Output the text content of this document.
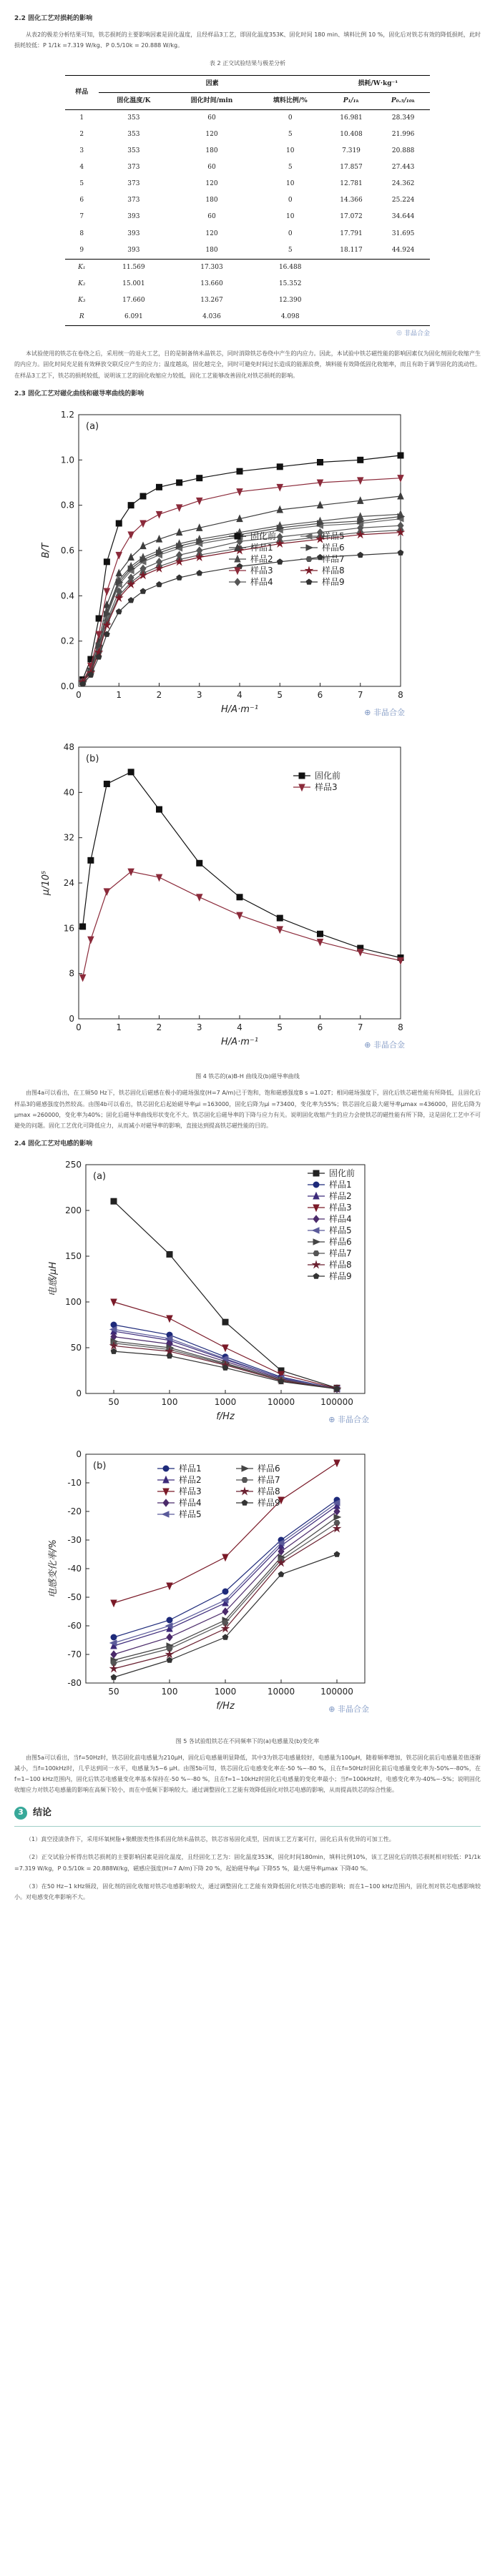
2.2 固化工艺对损耗的影响

从表2的极差分析结果可知，铁芯损耗的主要影响因素是固化温度，且经样品3工艺，即固化温度353K、固化时间 180 min、填料比例 10 %，固化后对铁芯有效的降低损耗，此时损耗较低：P 1/1k =7.319 W/kg、P 0.5/10k = 20.888 W/kg。

表 2 正交试验结果与极差分析
样品	因素			损耗/W·kg⁻¹	
	固化温度/K	固化时间/min	填料比例/%	P₁/₁ₖ	P₀.₅/₁₀ₖ
1	353	60	0	16.981	28.349
2	353	120	5	10.408	21.996
3	353	180	10	7.319	20.888
4	373	60	5	17.857	27.443
5	373	120	10	12.781	24.362
6	373	180	0	14.366	25.224
7	393	60	10	17.072	34.644
8	393	120	0	17.791	31.695
9	393	180	5	18.117	44.924
K₁	11.569	17.303	16.488		
K₂	15.001	13.660	15.352		
K₃	17.660	13.267	12.390		
R	6.091	4.036	4.098		
⊕ 非晶合金

本试验使用的铁芯在卷绕之后，采用统一的退火工艺，目的是制备纳米晶铁芯，同时消除铁芯卷绕中产生的内应力。因此，本试验中铁芯磁性能的影响因素仅为固化剂固化收缩产生的内应力。固化时间充足能有效释放交联反应产生的应力；温度越高，固化越完全，同时可避免时间过长造成的能源浪费，填料能有效降低固化收缩率，而且有助于调节固化的流动性。在样品3工艺下，铁芯的损耗较低，说明该工艺的固化收缩应力较低，固化工艺能够改善固化对铁芯损耗的影响。

2.3 固化工艺对磁化曲线和磁导率曲线的影响
0	1	2	3	4	5	6	7	8
0.0
0.2
0.4
0.6
0.8
1.0
1.2
H/A·m⁻¹
B/T
(a)
固化前
样品1
样品2
样品3
样品4
样品5
样品6
样品7
样品8
样品9
⊕ 非晶合金
0	1	2	3	4	5	6	7	8
0
8
16
24
32
40
48
H/A·m⁻¹
μ/10⁵
(b)
固化前
样品3
⊕ 非晶合金
图 4 铁芯的(a)B-H 曲线及(b)磁导率曲线

由图4a可以看出，在工频50 Hz下，铁芯固化后磁感在极小的磁场强度(H=7 A/m)已于饱和，饱和磁感强度B s =1.02T；相同磁场强度下，固化后铁芯磁性能有所降低，且固化后样品3的磁感强度仍然较高。由图4b可以看出，铁芯固化后起始磁导率μi =163000，固化后降为μi =73400，变化率为55%；铁芯固化后最大磁导率μmax =436000，固化后降为μmax =260000，变化率为40%；固化后磁导率曲线形状变化不大。铁芯固化后磁导率的下降与应力有关。说明固化收缩产生的应力会使铁芯的磁性能有所下降，这是固化工艺中不可避免的问题。固化工艺优化可降低应力，从而减小对磁导率的影响，直接达到提高铁芯磁性能的目的。

2.4 固化工艺对电感的影响
50	100	1000	10000	100000
0
50
100
150
200
250
f/Hz
电感/μH
(a)	固化前
样品1
样品2
样品3
样品4
样品5
样品6
样品7
样品8
样品9
⊕ 非晶合金
50	100	1000	10000	100000
-80
-70
-60
-50
-40
-30
-20
-10
0
f/Hz
电感变化率/%
(b)	样品1
样品2
样品3
样品4
样品5
样品6
样品7
样品8
样品9
⊕ 非晶合金
图 5 各试验组铁芯在不同频率下的(a)电感量及(b)变化率

由图5a可以看出，当f=50Hz时，铁芯固化前电感量为210μH，固化后电感量明显降低，其中3为铁芯电感量较好，电感量为100μH，随着频率增加，铁芯固化前后电感量差值逐渐减小，当f=100kHz时，几乎达到同一水平，电感量为5~6 μH。由图5b可知，铁芯固化后电感变化率在-50 %~-80 %，且在f=50Hz时固化前后电感量变化率为-50%~-80%，在f=1~100 kHz范围内，固化后铁芯电感量变化率基本保持在-50 %~-80 %，且在f=1~10kHz时固化后电感量的变化率最小；当f=100kHz时，电感变化率为-40%~-5%；说明固化收缩应力对铁芯电感量的影响在高频下较小，而在中低频下影响较大。通过调整固化工艺能有效降低固化对铁芯电感的影响，从而提高铁芯的综合性能。

3	结论

（1）真空浸渍条件下，采用环氧树脂+聚酰胺类性体系固化纳米晶铁芯，铁芯容易固化成型，因而该工艺方案可行，固化后具有优异的可加工性。

（2）正交试验分析得出铁芯损耗的主要影响因素是固化温度，且经固化工艺为：固化温度353K，固化时间180min，填料比例10%，该工艺固化后的铁芯损耗相对较低：P1/1k =7.319 W/kg，P 0.5/10k = 20.888W/kg，磁感应强度(H=7 A/m)下降 20 %，起始磁导率μi 下降55 %，最大磁导率μmax 下降40 %。

（3）在50 Hz~1 kHz频段，固化剂的固化收缩对铁芯电感影响较大，通过调整固化工艺能有效降低固化对铁芯电感的影响；而在1~100 kHz范围内，固化剂对铁芯电感影响较小。对电感变化率影响不大。
